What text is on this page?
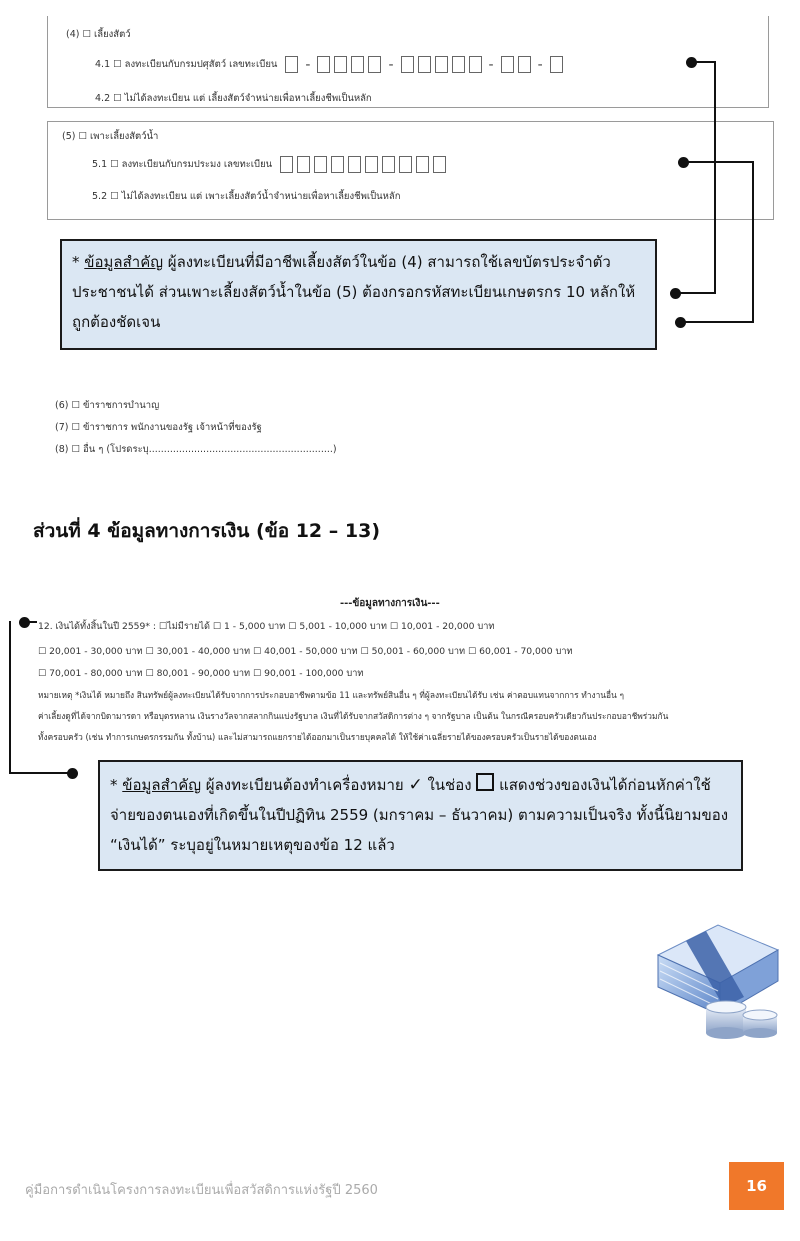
(4) ☐ เลี้ยงสัตว์
4.1 ☐ ลงทะเบียนกับกรมปศุสัตว์ เลขทะเบียน	-	-	-	-
4.2 ☐ ไม่ได้ลงทะเบียน แต่ เลี้ยงสัตว์จำหน่ายเพื่อหาเลี้ยงชีพเป็นหลัก
(5) ☐ เพาะเลี้ยงสัตว์น้ำ
5.1 ☐ ลงทะเบียนกับกรมประมง เลขทะเบียน
5.2 ☐ ไม่ได้ลงทะเบียน แต่ เพาะเลี้ยงสัตว์น้ำจำหน่ายเพื่อหาเลี้ยงชีพเป็นหลัก
* ข้อมูลสำคัญ ผู้ลงทะเบียนที่มีอาชีพเลี้ยงสัตว์ในข้อ (4) สามารถใช้เลขบัตรประจำตัวประชาชนได้ ส่วนเพาะเลี้ยงสัตว์น้ำในข้อ (5) ต้องกรอกรหัสทะเบียนเกษตรกร 10 หลักให้ถูกต้องชัดเจน
(6) ☐ ข้าราชการบำนาญ
(7) ☐ ข้าราชการ พนักงานของรัฐ เจ้าหน้าที่ของรัฐ
(8) ☐ อื่น ๆ (โปรดระบุ.............................................................)
ส่วนที่ 4 ข้อมูลทางการเงิน (ข้อ 12 – 13)
---ข้อมูลทางการเงิน---
12. เงินได้ทั้งสิ้นในปี 2559* : ☐ไม่มีรายได้ ☐ 1 - 5,000 บาท ☐ 5,001 - 10,000 บาท ☐ 10,001 - 20,000 บาท
☐ 20,001 - 30,000 บาท ☐ 30,001 - 40,000 บาท ☐ 40,001 - 50,000 บาท ☐ 50,001 - 60,000 บาท ☐ 60,001 - 70,000 บาท
☐ 70,001 - 80,000 บาท ☐ 80,001 - 90,000 บาท ☐ 90,001 - 100,000 บาท
หมายเหตุ *เงินได้ หมายถึง สินทรัพย์ผู้ลงทะเบียนได้รับจากการประกอบอาชีพตามข้อ 11 และทรัพย์สินอื่น ๆ ที่ผู้ลงทะเบียนได้รับ เช่น ค่าตอบแทนจากการ ทำงานอื่น ๆ
ค่าเลี้ยงดูที่ได้จากบิดามารดา หรือบุตรหลาน เงินรางวัลจากสลากกินแบ่งรัฐบาล เงินที่ได้รับจากสวัสดิการต่าง ๆ จากรัฐบาล เป็นต้น ในกรณีครอบครัวเดียวกันประกอบอาชีพร่วมกัน
ทั้งครอบครัว (เช่น ทำการเกษตรกรรมกัน ทั้งบ้าน) และไม่สามารถแยกรายได้ออกมาเป็นรายบุคคลได้ ให้ใช้ค่าเฉลี่ยรายได้ของครอบครัวเป็นรายได้ของตนเอง
* ข้อมูลสำคัญ ผู้ลงทะเบียนต้องทำเครื่องหมาย ✓ ในช่อง  แสดงช่วงของเงินได้ก่อนหักค่าใช้จ่ายของตนเองที่เกิดขึ้นในปีปฏิทิน 2559 (มกราคม – ธันวาคม) ตามความเป็นจริง ทั้งนี้นิยามของ “เงินได้” ระบุอยู่ในหมายเหตุของข้อ 12 แล้ว
คู่มือการดำเนินโครงการลงทะเบียนเพื่อสวัสดิการแห่งรัฐปี 2560	16
